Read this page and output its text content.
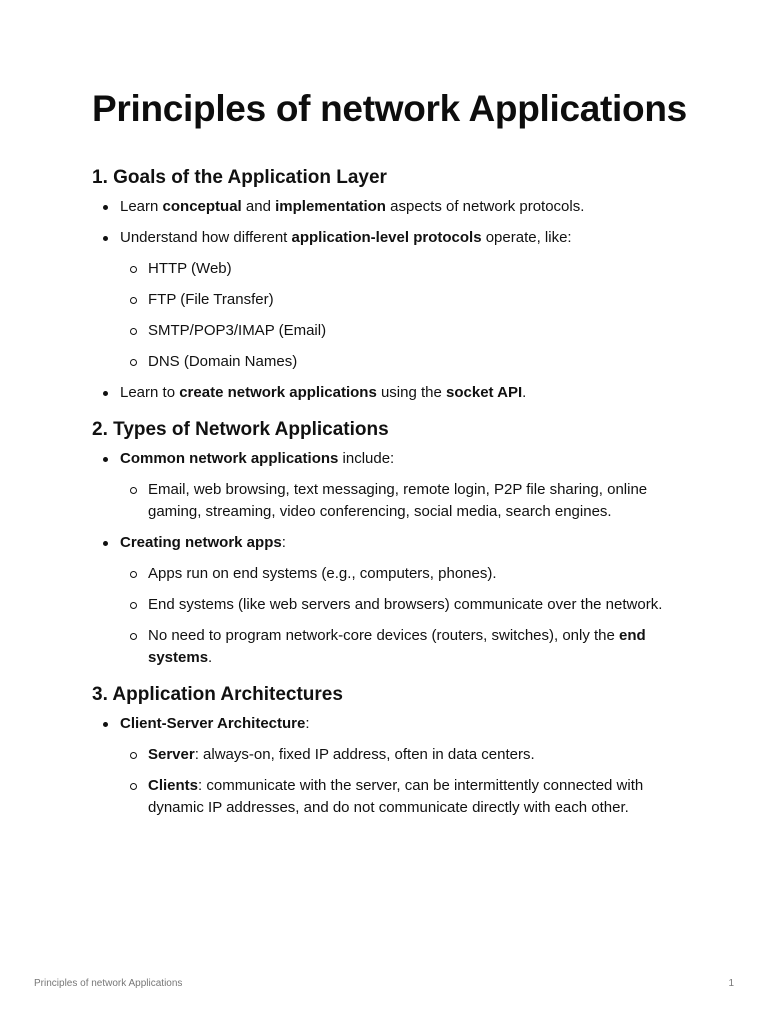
Principles of network Applications
1. Goals of the Application Layer
Learn conceptual and implementation aspects of network protocols.
Understand how different application-level protocols operate, like:
HTTP (Web)
FTP (File Transfer)
SMTP/POP3/IMAP (Email)
DNS (Domain Names)
Learn to create network applications using the socket API.
2. Types of Network Applications
Common network applications include:
Email, web browsing, text messaging, remote login, P2P file sharing, online gaming, streaming, video conferencing, social media, search engines.
Creating network apps:
Apps run on end systems (e.g., computers, phones).
End systems (like web servers and browsers) communicate over the network.
No need to program network-core devices (routers, switches), only the end systems.
3. Application Architectures
Client-Server Architecture:
Server: always-on, fixed IP address, often in data centers.
Clients: communicate with the server, can be intermittently connected with dynamic IP addresses, and do not communicate directly with each other.
Principles of network Applications	1
